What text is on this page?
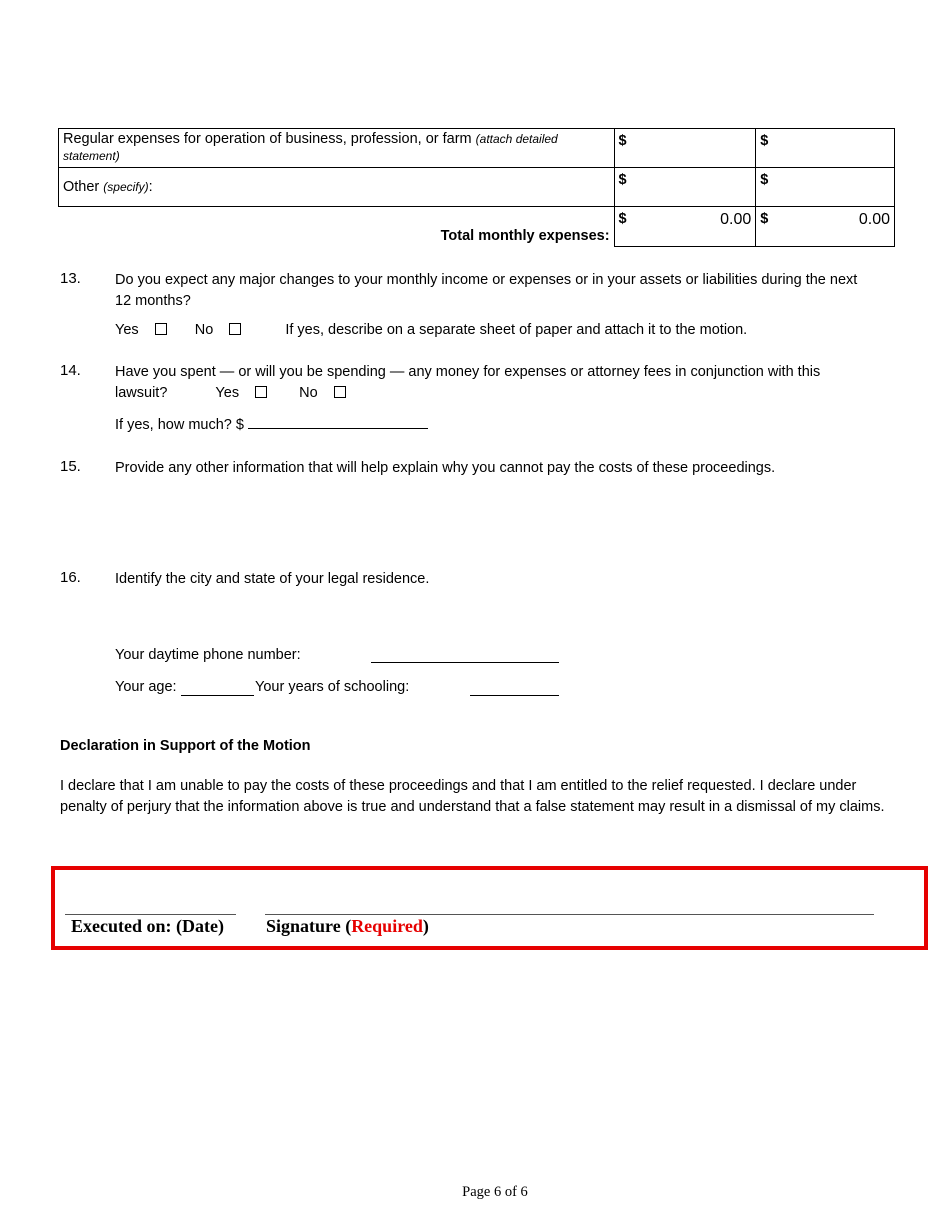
Regular expenses for operation of business, profession, or farm (attach detailed statement)	$	$

Other (specify):	$	$

Total monthly expenses:	$ 0.00	$ 0.00
13. Do you expect any major changes to your monthly income or expenses or in your assets or liabilities during the next 12 months?
Yes	No	If yes, describe on a separate sheet of paper and attach it to the motion.
14. Have you spent — or will you be spending — any money for expenses or attorney fees in conjunction with this lawsuit?	Yes	No
If yes, how much? $
15. Provide any other information that will help explain why you cannot pay the costs of these proceedings.
16. Identify the city and state of your legal residence.
Your daytime phone number:
Your age:	Your years of schooling:
Declaration in Support of the Motion
I declare that I am unable to pay the costs of these proceedings and that I am entitled to the relief requested. I declare under penalty of perjury that the information above is true and understand that a false statement may result in a dismissal of my claims.
Executed on: (Date) Signature (Required)
Page 6 of 6
